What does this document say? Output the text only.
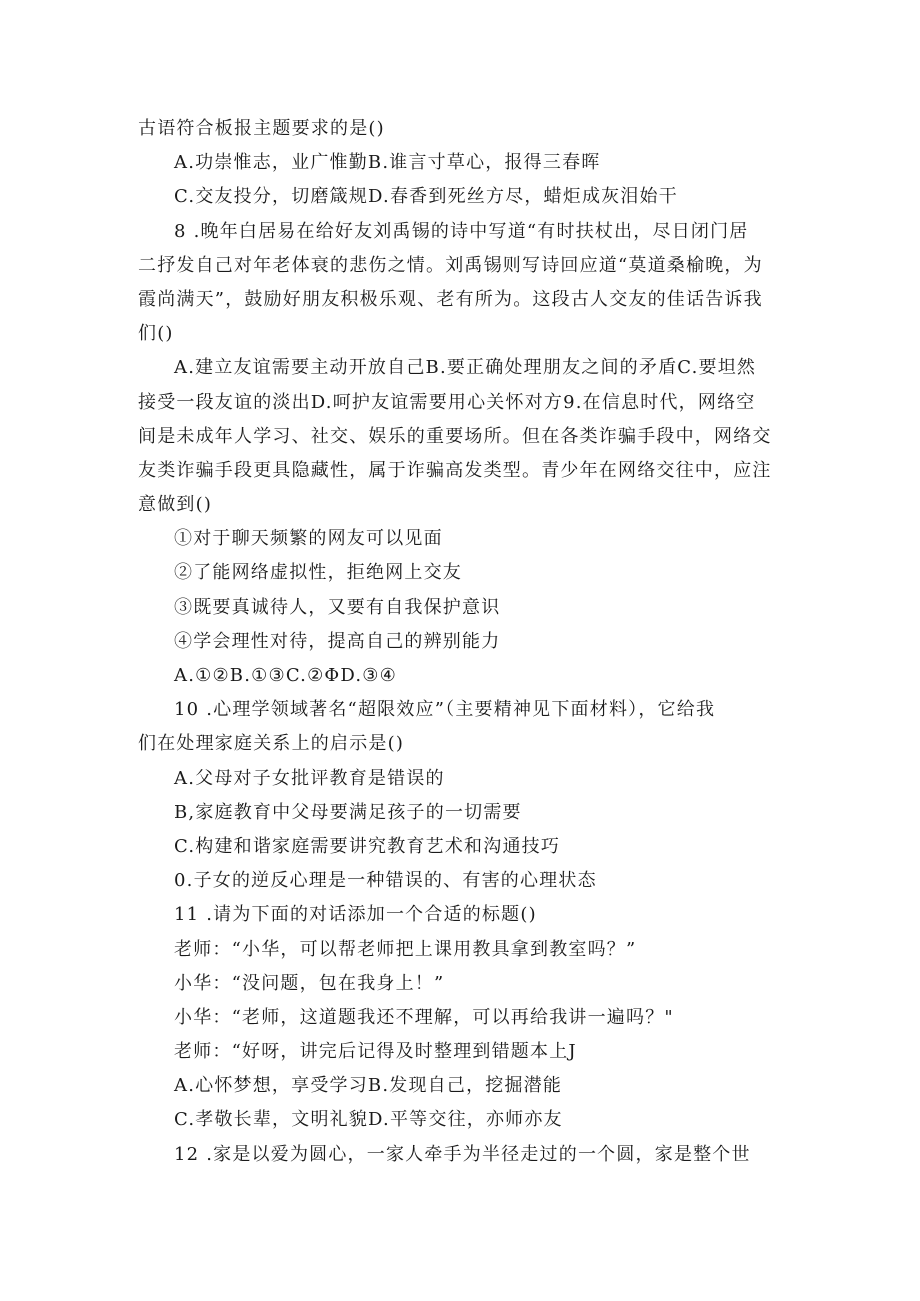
古语符合板报主题要求的是()
A.功崇惟志，业广惟勤B.谁言寸草心，报得三春晖
C.交友投分，切磨箴规D.春香到死丝方尽，蜡炬成灰泪始干
8 .晚年白居易在给好友刘禹锡的诗中写道“有时扶杖出，尽日闭门居
二抒发自己对年老体衰的悲伤之情。刘禹锡则写诗回应道“莫道桑榆晚，为
霞尚满天”，鼓励好朋友积极乐观、老有所为。这段古人交友的佳话告诉我
们()
A.建立友谊需要主动开放自己B.要正确处理朋友之间的矛盾C.要坦然
接受一段友谊的淡出D.呵护友谊需要用心关怀对方9.在信息时代，网络空
间是未成年人学习、社交、娱乐的重要场所。但在各类诈骗手段中，网络交
友类诈骗手段更具隐藏性，属于诈骗高发类型。青少年在网络交往中，应注
意做到()
①对于聊天频繁的网友可以见面
②了能网络虚拟性，拒绝网上交友
③既要真诚待人，又要有自我保护意识
④学会理性对待，提高自己的辨别能力
A.①②B.①③C.②ΦD.③④
10 .心理学领域著名“超限效应”（主要精神见下面材料），它给我
们在处理家庭关系上的启示是()
A.父母对子女批评教育是错误的
B,家庭教育中父母要满足孩子的一切需要
C.构建和谐家庭需要讲究教育艺术和沟通技巧
0.子女的逆反心理是一种错误的、有害的心理状态
11 .请为下面的对话添加一个合适的标题()
老师：“小华，可以帮老师把上课用教具拿到教室吗？”
小华：“没问题，包在我身上！”
小华：“老师，这道题我还不理解，可以再给我讲一遍吗？"
老师：“好呀，讲完后记得及时整理到错题本上J
A.心怀梦想，享受学习B.发现自己，挖掘潜能
C.孝敬长辈，文明礼貌D.平等交往，亦师亦友
12 .家是以爱为圆心，一家人牵手为半径走过的一个圆，家是整个世
